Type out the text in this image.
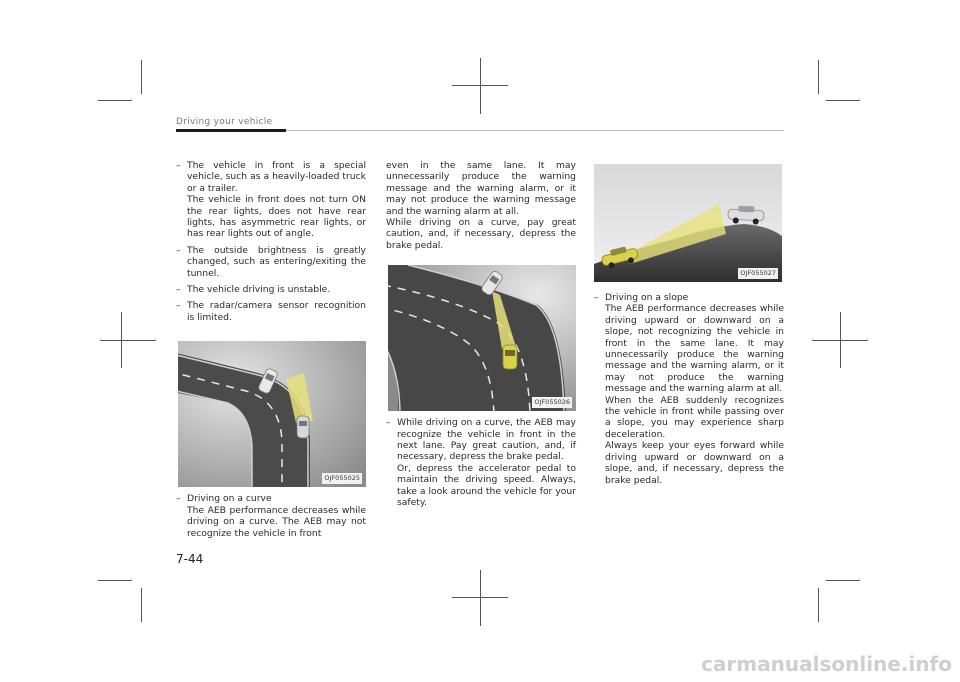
Driving your vehicle
– The vehicle in front is a special vehicle, such as a heavily-loaded truck or a trailer.

The vehicle in front does not turn ON the rear lights, does not have rear lights, has asymmetric rear lights, or has rear lights out of angle.

– The outside brightness is greatly changed, such as entering/exiting the tunnel.

– The vehicle driving is unstable.

– The radar/camera sensor recognition is limited.

OJF055025
– Driving on a curve

The AEB performance decreases while driving on a curve. The AEB may not recognize the vehicle in front

even in the same lane. It may unnecessarily produce the warning message and the warning alarm, or it may not produce the warning message and the warning alarm at all.

While driving on a curve, pay great caution, and, if necessary, depress the brake pedal.

OJF055026
– While driving on a curve, the AEB may recognize the vehicle in front in the next lane. Pay great caution, and, if necessary, depress the brake pedal.

Or, depress the accelerator pedal to maintain the driving speed. Always, take a look around the vehicle for your safety.

OJF055027
– Driving on a slope

The AEB performance decreases while driving upward or downward on a slope, not recognizing the vehicle in front in the same lane. It may unnecessarily produce the warning message and the warning alarm, or it may not produce the warning message and the warning alarm at all.

When the AEB suddenly recognizes the vehicle in front while passing over a slope, you may experience sharp deceleration.

Always keep your eyes forward while driving upward or downward on a slope, and, if necessary, depress the brake pedal.

7-44
carmanualsonline.info
